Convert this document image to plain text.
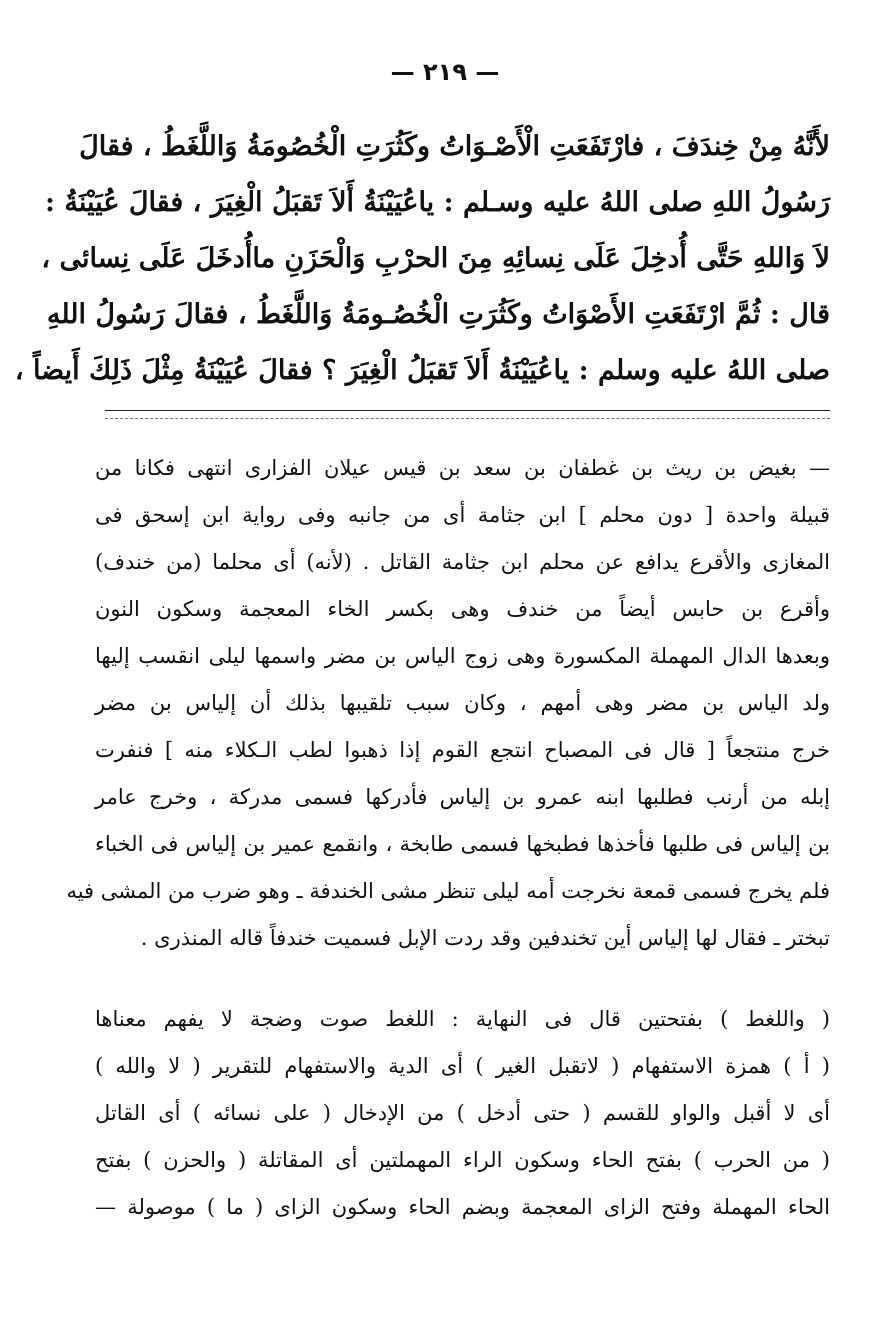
— ٢١٩ —
لأَنَّهُ مِنْ خِندَفَ ، فارْتَفَعَتِ الْأَصْـوَاتُ وكَثُرَتِ الْخُصُومَةُ وَاللَّغَطُ ، فقالَ
رَسُولُ اللهِ صلى اللهُ عليه وسـلم : ياعُيَيْنَةُ أَلاَ تَقبَلُ الْغِيَرَ ، فقالَ عُيَيْنَةُ :
لاَ وَاللهِ حَتَّى أُدخِلَ عَلَى نِسائِهِ مِنَ الحرْبِ وَالْحَزَنِ ماأُدخَلَ عَلَى نِسائى ،
قال : ثُمَّ ارْتَفَعَتِ الأَصْوَاتُ وكَثُرَتِ الْخُصُـومَةُ وَاللَّغَطُ ، فقالَ رَسُولُ اللهِ
صلى اللهُ عليه وسلم : ياعُيَيْنَةُ أَلاَ تَقبَلُ الْغِيَرَ ؟ فقالَ عُيَيْنَةُ مِثْلَ ذَلِكَ أَيضاً ،
— بغيض بن ريث بن غطفان بن سعد بن قيس عيلان الفزارى انتهى فكانا من
قبيلة واحدة [ دون محلم ] ابن جثامة أى من جانبه وفى رواية ابن إسحق فى
المغازى والأقرع يدافع عن محلم ابن جثامة القاتل . (لأنه) أى محلما (من خندف)
وأقرع بن حابس أيضاً من خندف وهى بكسر الخاء المعجمة وسكون النون
وبعدها الدال المهملة المكسورة وهى زوج الياس بن مضر واسمها ليلى انقسب إليها
ولد الياس بن مضر وهى أمهم ، وكان سبب تلقيبها بذلك أن إلياس بن مضر
خرج منتجعاً [ قال فى المصباح انتجع القوم إذا ذهبوا لطب الـكلاء منه ] فنفرت
إبله من أرنب فطلبها ابنه عمرو بن إلياس فأدركها فسمى مدركة ، وخرج عامر
بن إلياس فى طلبها فأخذها فطبخها فسمى طابخة ، وانقمع عمير بن إلياس فى الخباء
فلم يخرج فسمى قمعة نخرجت أمه ليلى تنظر مشى الخندفة ـ وهو ضرب من المشى فيه
تبختر ـ فقال لها إلياس أين تخندفين وقد ردت الإبل فسميت خندفاً قاله المنذرى .
( واللغط ) بفتحتين قال فى النهاية : اللغط صوت وضجة لا يفهم معناها
( أ ) همزة الاستفهام ( لاتقبل الغير ) أى الدية والاستفهام للتقرير ( لا والله )
أى لا أقبل والواو للقسم ( حتى أدخل ) من الإدخال ( على نسائه ) أى القاتل
( من الحرب ) بفتح الحاء وسكون الراء المهملتين أى المقاتلة ( والحزن ) بفتح
الحاء المهملة وفتح الزاى المعجمة وبضم الحاء وسكون الزاى ( ما ) موصولة —
